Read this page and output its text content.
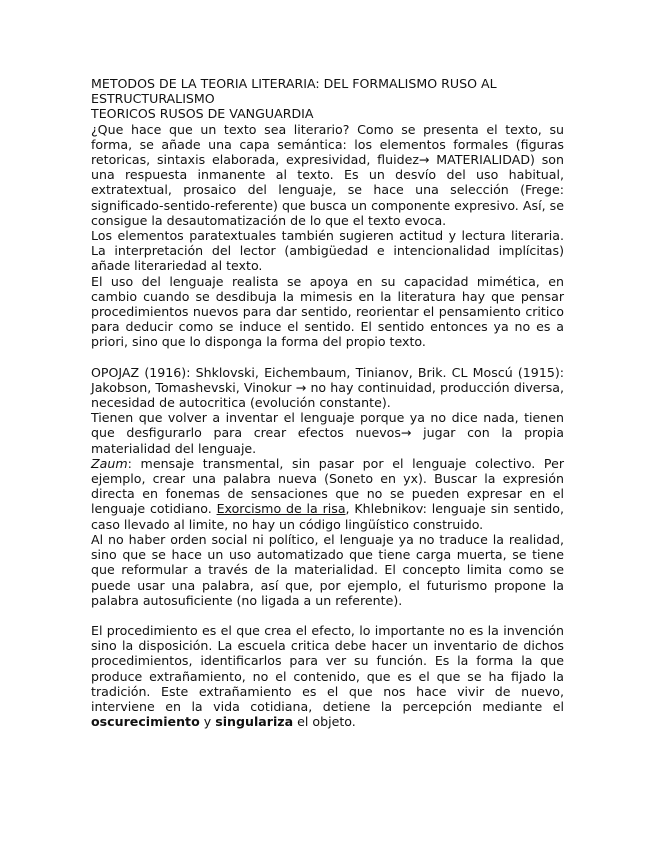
METODOS DE LA TEORIA LITERARIA: DEL FORMALISMO RUSO AL ESTRUCTURALISMO

TEORICOS RUSOS DE VANGUARDIA

¿Que hace que un texto sea literario? Como se presenta el texto, su forma, se añade una capa semántica: los elementos formales (figuras retoricas, sintaxis elaborada, expresividad, fluidez→ MATERIALIDAD) son una respuesta inmanente al texto. Es un desvío del uso habitual, extratextual, prosaico del lenguaje, se hace una selección (Frege: significado-sentido-referente) que busca un componente expresivo. Así, se consigue la desautomatización de lo que el texto evoca.

Los elementos paratextuales también sugieren actitud y lectura literaria. La interpretación del lector (ambigüedad e intencionalidad implícitas) añade literariedad al texto.

El uso del lenguaje realista se apoya en su capacidad mimética, en cambio cuando se desdibuja la mimesis en la literatura hay que pensar procedimientos nuevos para dar sentido, reorientar el pensamiento critico para deducir como se induce el sentido. El sentido entonces ya no es a priori, sino que lo disponga la forma del propio texto.

OPOJAZ (1916): Shklovski, Eichembaum, Tinianov, Brik. CL Moscú (1915): Jakobson, Tomashevski, Vinokur → no hay continuidad, producción diversa, necesidad de autocritica (evolución constante).

Tienen que volver a inventar el lenguaje porque ya no dice nada, tienen que desfigurarlo para crear efectos nuevos→ jugar con la propia materialidad del lenguaje.

Zaum: mensaje transmental, sin pasar por el lenguaje colectivo. Per ejemplo, crear una palabra nueva (Soneto en yx). Buscar la expresión directa en fonemas de sensaciones que no se pueden expresar en el lenguaje cotidiano. Exorcismo de la risa, Khlebnikov: lenguaje sin sentido, caso llevado al limite, no hay un código lingüístico construido.

Al no haber orden social ni político, el lenguaje ya no traduce la realidad, sino que se hace un uso automatizado que tiene carga muerta, se tiene que reformular a través de la materialidad. El concepto limita como se puede usar una palabra, así que, por ejemplo, el futurismo propone la palabra autosuficiente (no ligada a un referente).

El procedimiento es el que crea el efecto, lo importante no es la invención sino la disposición. La escuela critica debe hacer un inventario de dichos procedimientos, identificarlos para ver su función. Es la forma la que produce extrañamiento, no el contenido, que es el que se ha fijado la tradición. Este extrañamiento es el que nos hace vivir de nuevo, interviene en la vida cotidiana, detiene la percepción mediante el oscurecimiento y singulariza el objeto.
